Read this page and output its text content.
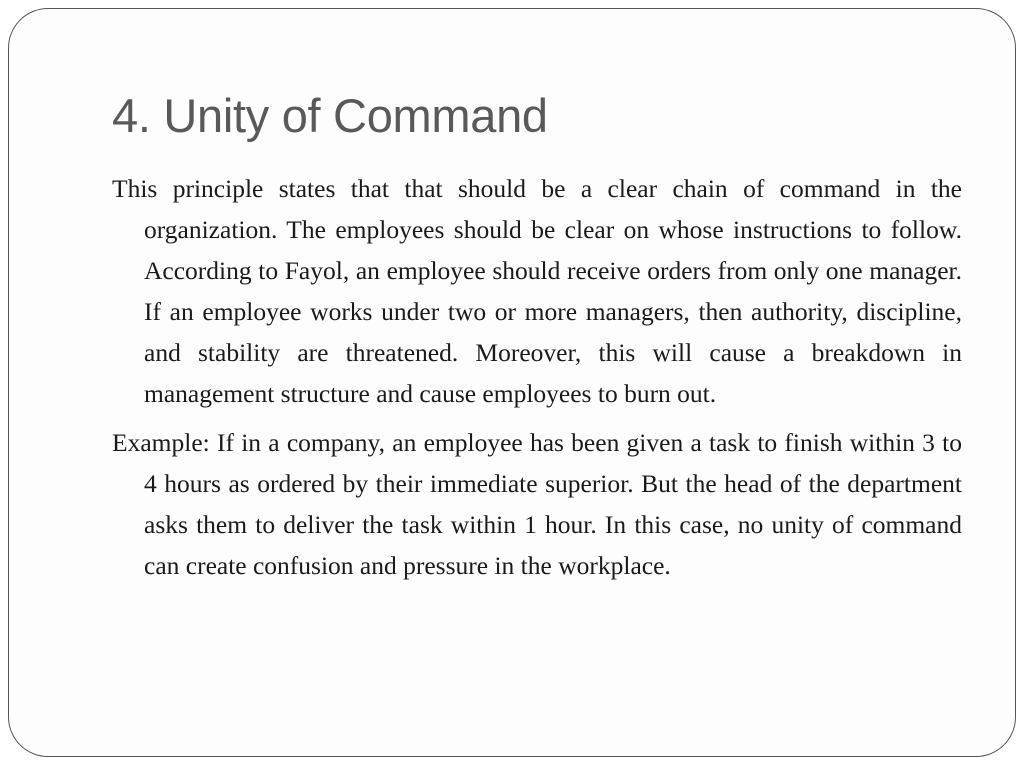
4. Unity of Command

This principle states that that should be a clear chain of command in the organization. The employees should be clear on whose instructions to follow. According to Fayol, an employee should receive orders from only one manager. If an employee works under two or more managers, then authority, discipline, and stability are threatened. Moreover, this will cause a breakdown in management structure and cause employees to burn out.

Example: If in a company, an employee has been given a task to finish within 3 to 4 hours as ordered by their immediate superior. But the head of the department asks them to deliver the task within 1 hour. In this case, no unity of command can create confusion and pressure in the workplace.
